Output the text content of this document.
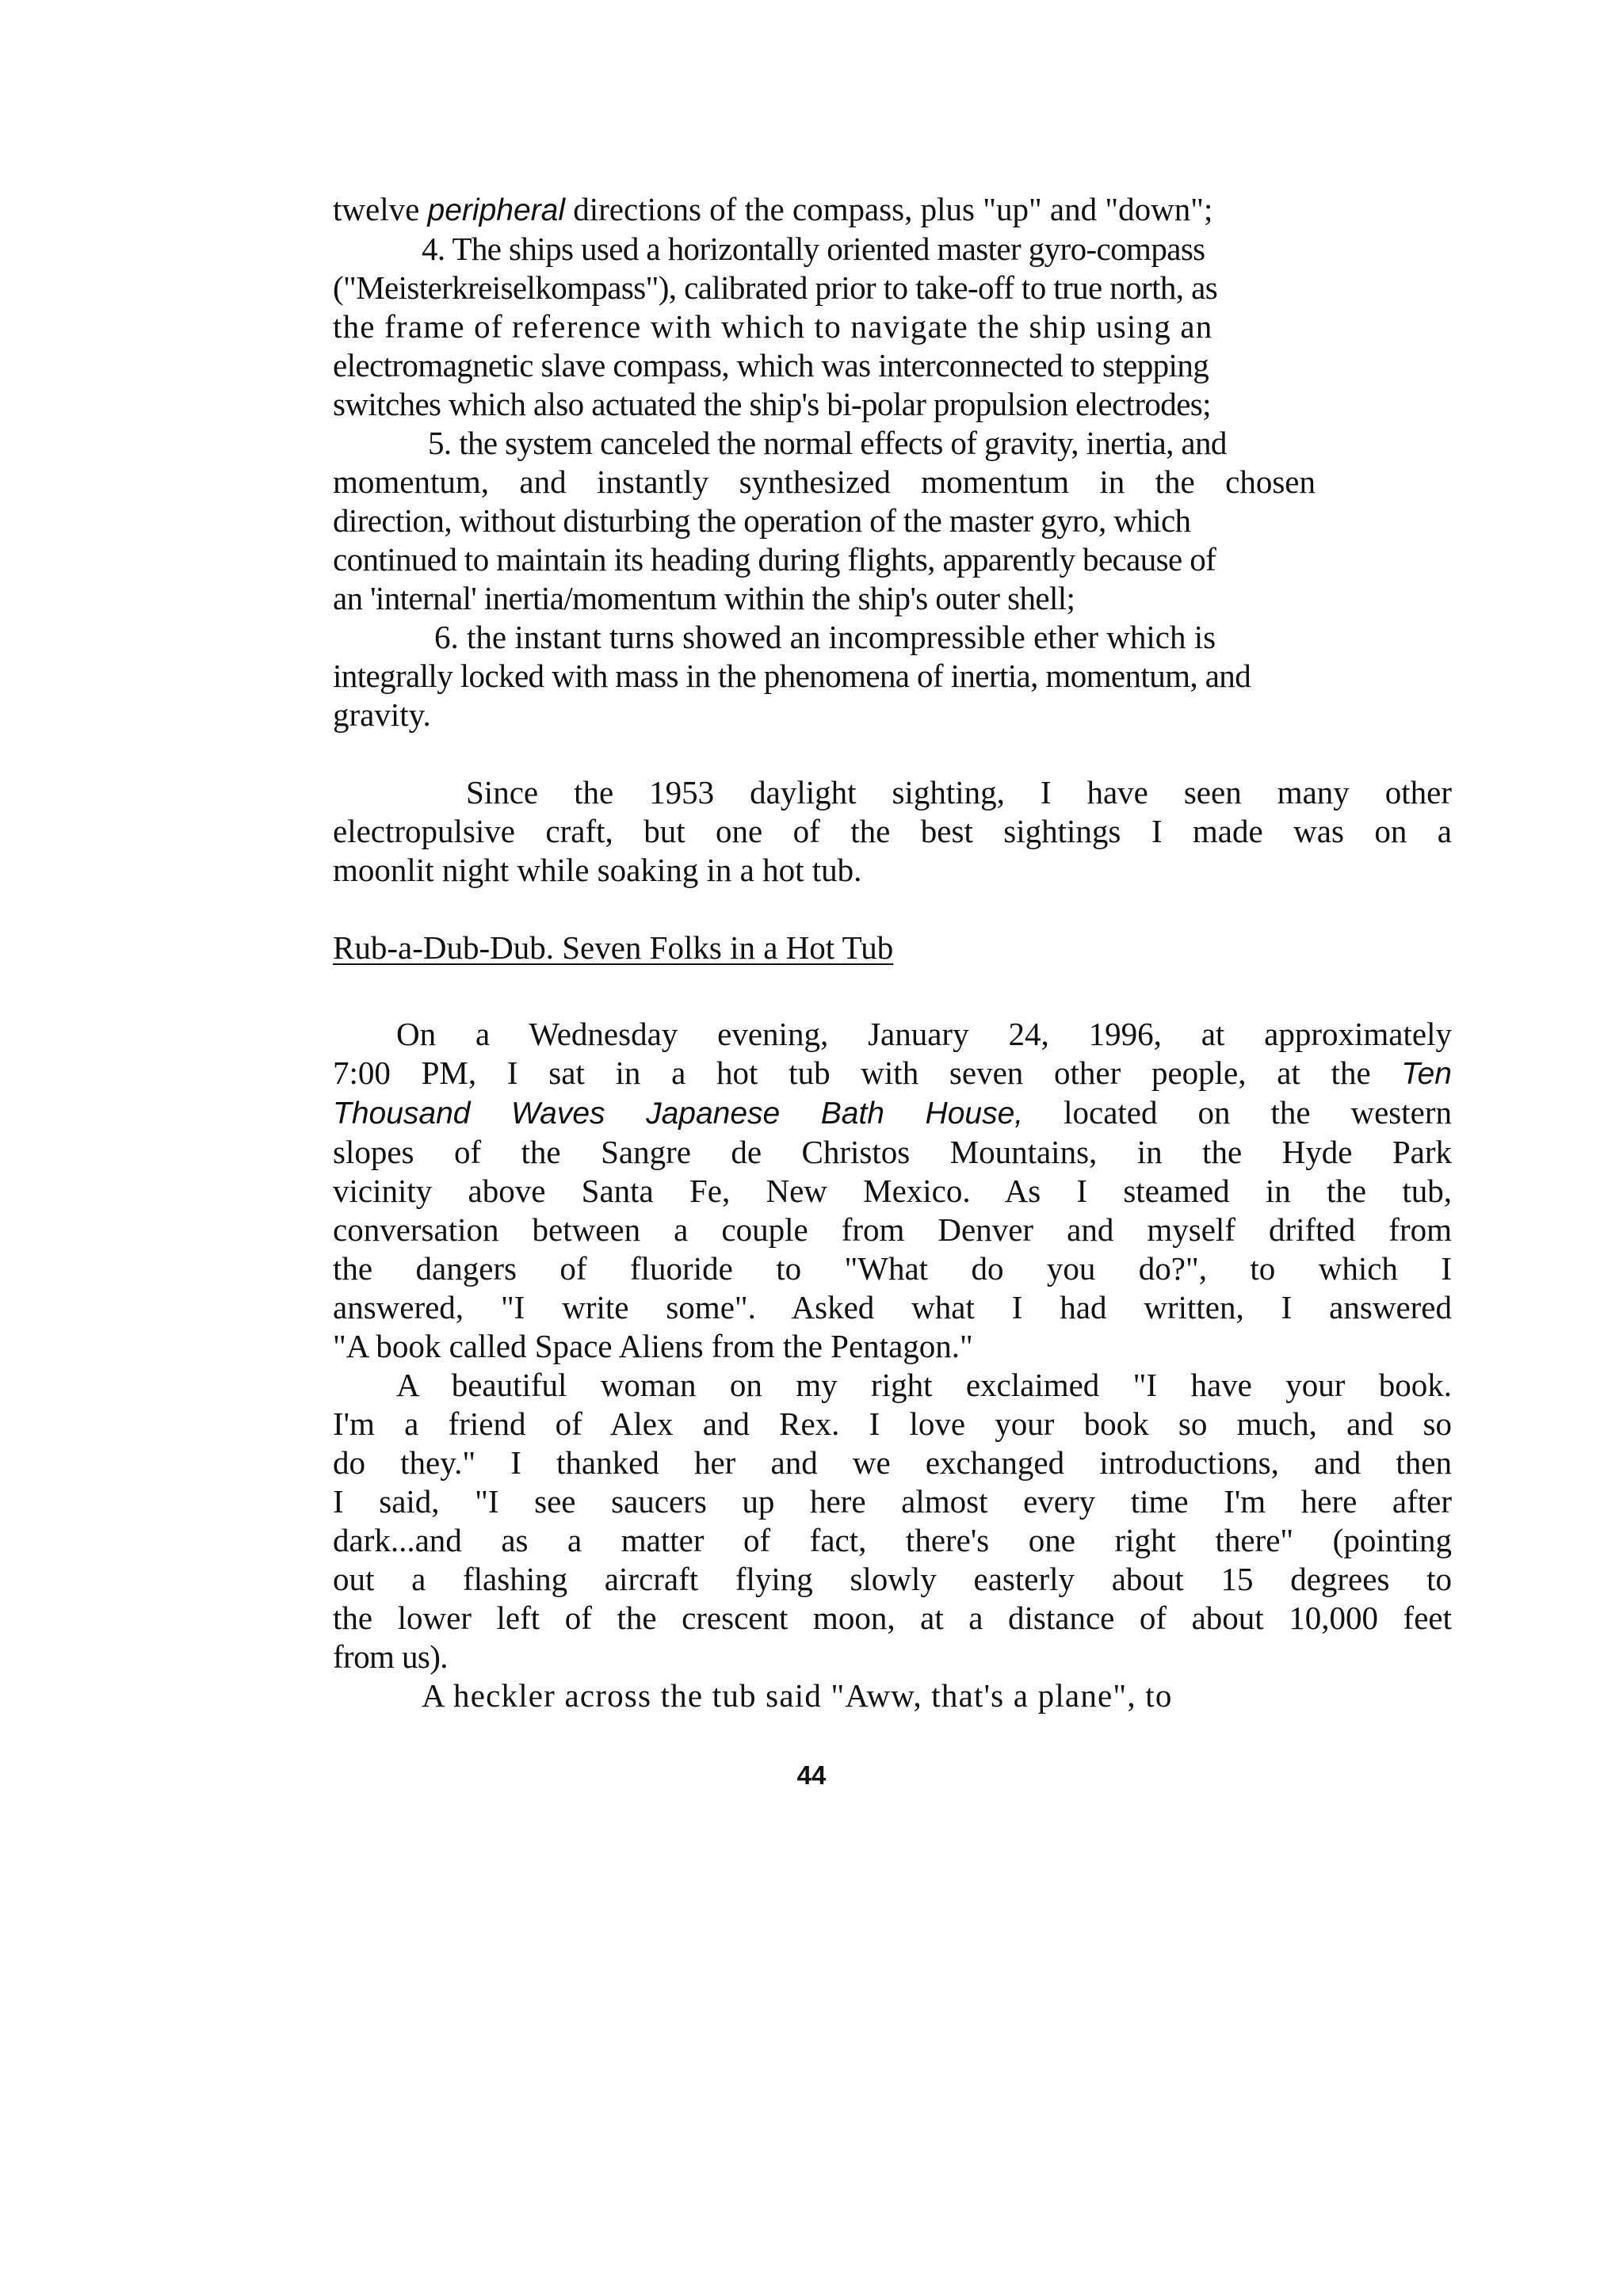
twelve peripheral directions of the compass, plus "up" and "down";
4. The ships used a horizontally oriented master gyro-compass
("Meisterkreiselkompass"), calibrated prior to take-off to true north, as
the frame of reference with which to navigate the ship using an
electromagnetic slave compass, which was interconnected to stepping
switches which also actuated the ship's bi-polar propulsion electrodes;
5. the system canceled the normal effects of gravity, inertia, and
momentum, and instantly synthesized momentum in the chosen
direction, without disturbing the operation of the master gyro, which
continued to maintain its heading during flights, apparently because of
an 'internal' inertia/momentum within the ship's outer shell;
6. the instant turns showed an incompressible ether which is
integrally locked with mass in the phenomena of inertia, momentum, and
gravity.
Since the 1953 daylight sighting, I have seen many other
electropulsive craft, but one of the best sightings I made was on a
moonlit night while soaking in a hot tub.
Rub-a-Dub-Dub. Seven Folks in a Hot Tub
On a Wednesday evening, January 24, 1996, at approximately
7:00 PM, I sat in a hot tub with seven other people, at the Ten
Thousand Waves Japanese Bath House, located on the western
slopes of the Sangre de Christos Mountains, in the Hyde Park
vicinity above Santa Fe, New Mexico. As I steamed in the tub,
conversation between a couple from Denver and myself drifted from
the dangers of fluoride to "What do you do?", to which I
answered, "I write some". Asked what I had written, I answered
"A book called Space Aliens from the Pentagon."
A beautiful woman on my right exclaimed "I have your book.
I'm a friend of Alex and Rex. I love your book so much, and so
do they." I thanked her and we exchanged introductions, and then
I said, "I see saucers up here almost every time I'm here after
dark...and as a matter of fact, there's one right there" (pointing
out a flashing aircraft flying slowly easterly about 15 degrees to
the lower left of the crescent moon, at a distance of about 10,000 feet
from us).
A heckler across the tub said "Aww, that's a plane", to
44
